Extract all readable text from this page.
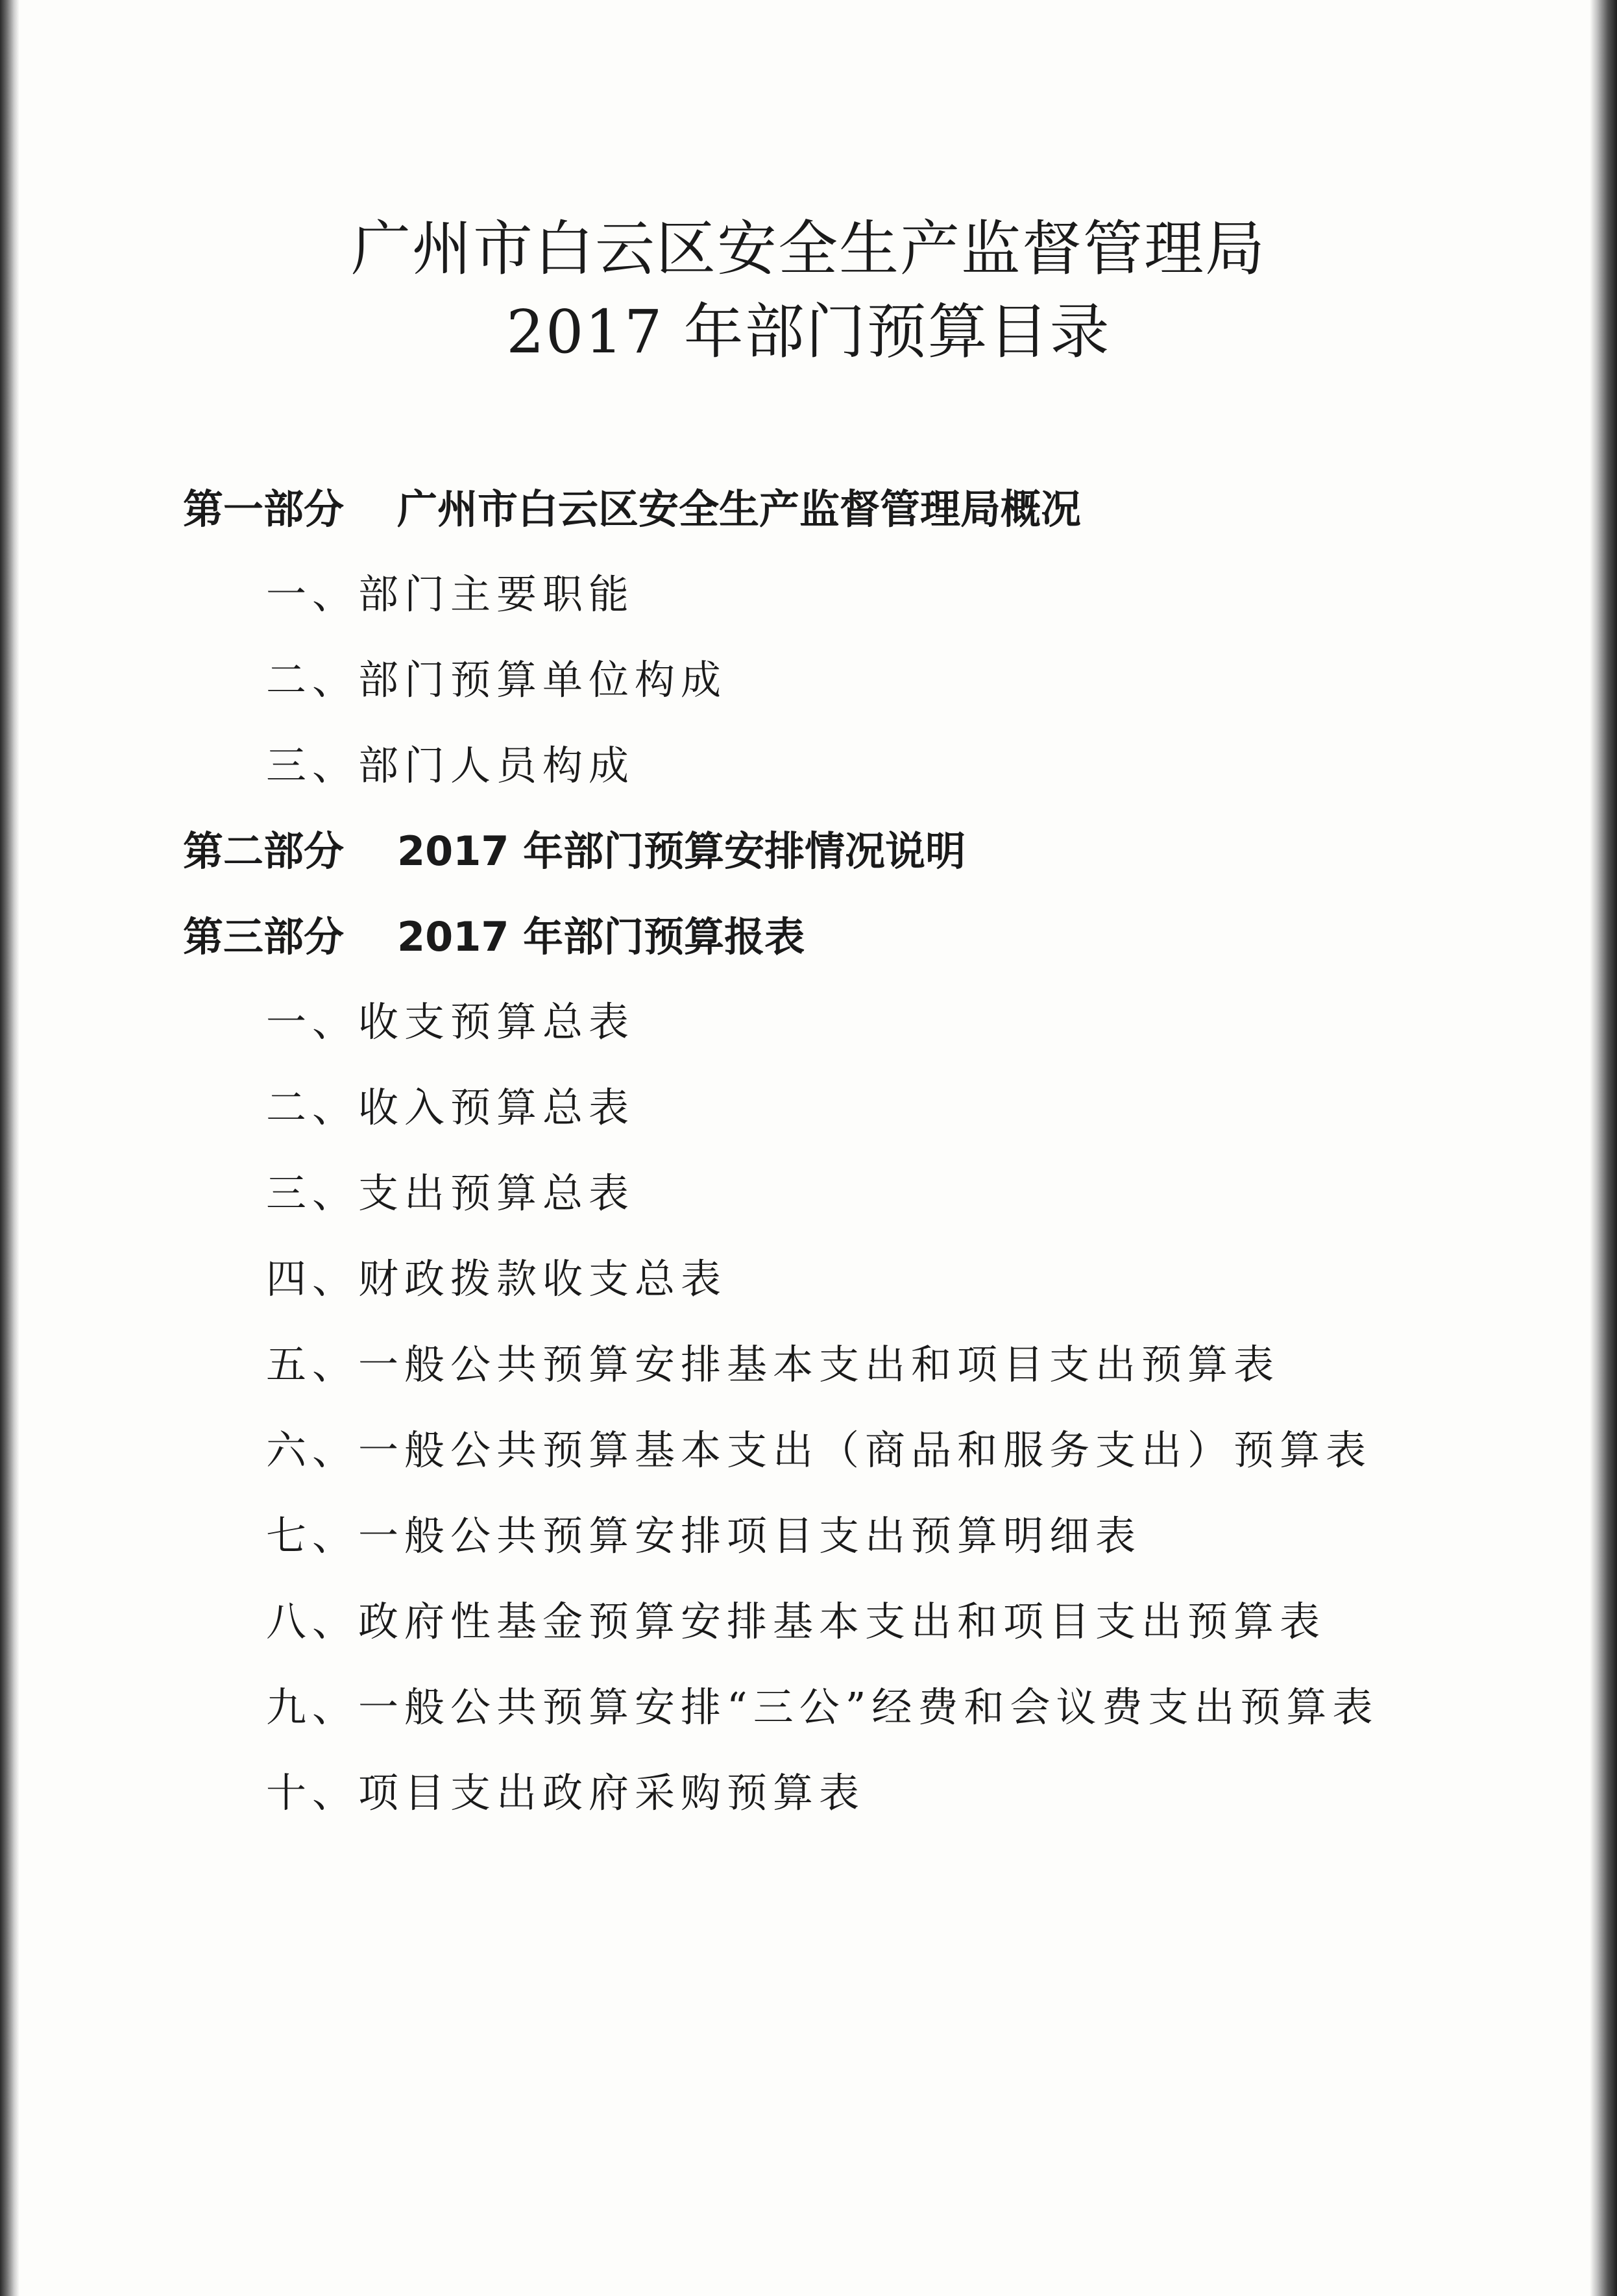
广州市白云区安全生产监督管理局
2017 年部门预算目录
第一部分 广州市白云区安全生产监督管理局概况
一、部门主要职能
二、部门预算单位构成
三、部门人员构成
第二部分 2017 年部门预算安排情况说明
第三部分 2017 年部门预算报表
一、收支预算总表
二、收入预算总表
三、支出预算总表
四、财政拨款收支总表
五、一般公共预算安排基本支出和项目支出预算表
六、一般公共预算基本支出（商品和服务支出）预算表
七、一般公共预算安排项目支出预算明细表
八、政府性基金预算安排基本支出和项目支出预算表
九、一般公共预算安排“三公”经费和会议费支出预算表
十、项目支出政府采购预算表
